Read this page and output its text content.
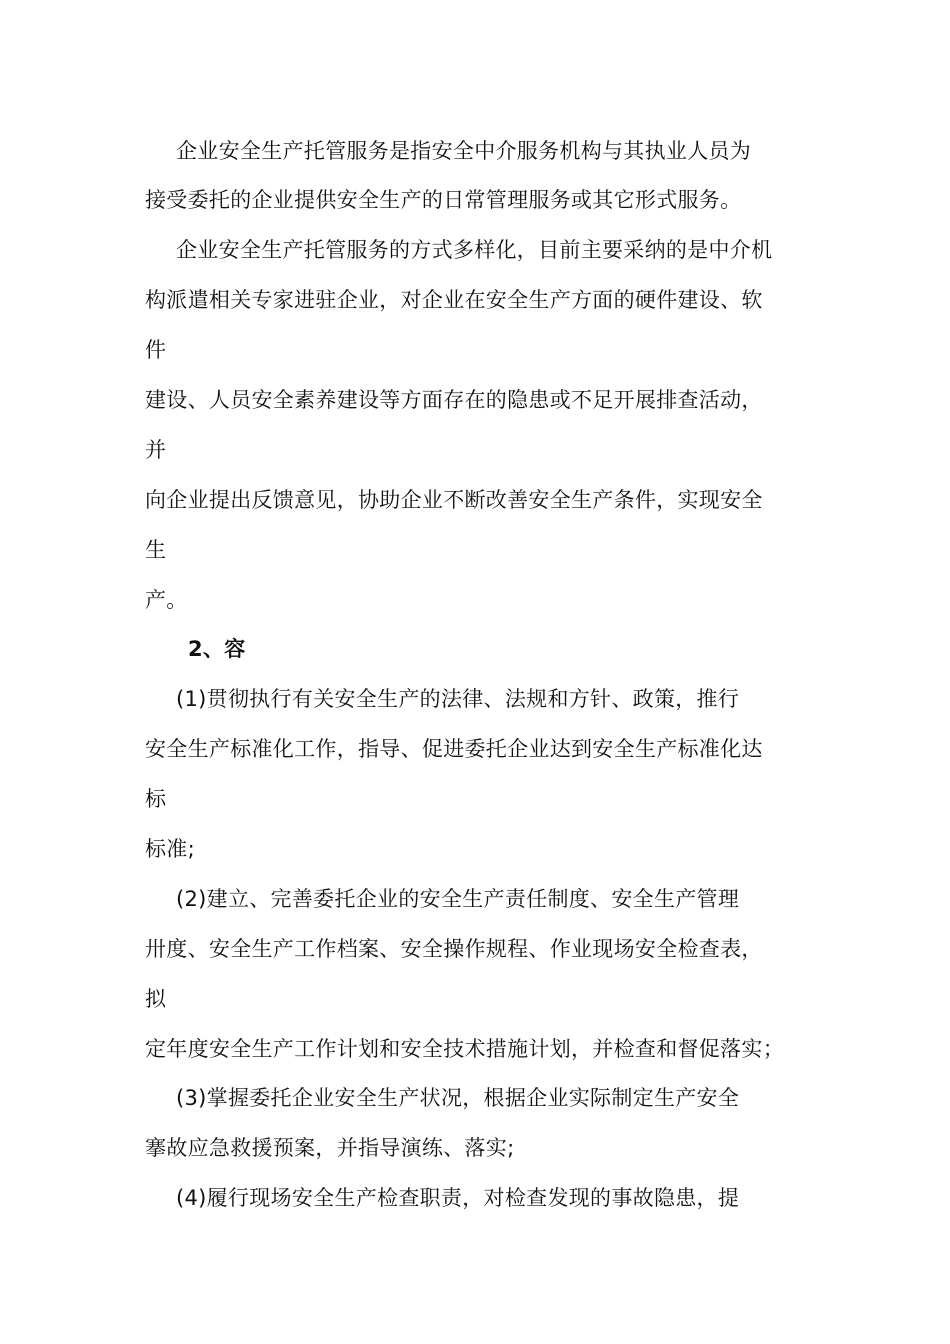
企业安全生产托管服务是指安全中介服务机构与其执业人员为
接受委托的企业提供安全生产的日常管理服务或其它形式服务。
企业安全生产托管服务的方式多样化，目前主要采纳的是中介机
构派遣相关专家进驻企业，对企业在安全生产方面的硬件建设、软
件
建设、人员安全素养建设等方面存在的隐患或不足开展排查活动，
并
向企业提出反馈意见，协助企业不断改善安全生产条件，实现安全
生
产。
2、容
(1)贯彻执行有关安全生产的法律、法规和方针、政策，推行
安全生产标准化工作，指导、促进委托企业达到安全生产标准化达
标
标准;
(2)建立、完善委托企业的安全生产责任制度、安全生产管理
卅度、安全生产工作档案、安全操作规程、作业现场安全检查表，
拟
定年度安全生产工作计划和安全技术措施计划，并检查和督促落实；
(3)掌握委托企业安全生产状况，根据企业实际制定生产安全
搴故应急救援预案，并指导演练、落实;
(4)履行现场安全生产检查职责，对检查发现的事故隐患，提
